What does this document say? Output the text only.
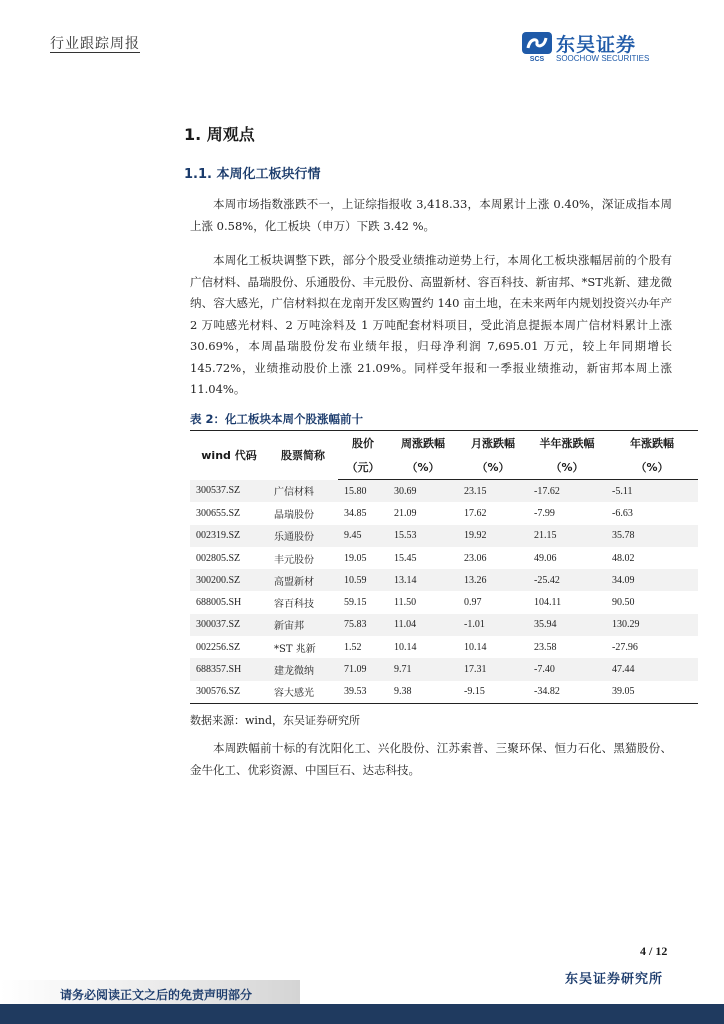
行业跟踪周报
SCS
东吴证券
SOOCHOW SECURITIES
1. 周观点
1.1. 本周化工板块行情
本周市场指数涨跌不一，上证综指报收 3,418.33，本周累计上涨 0.40%，深证成指本周上涨 0.58%，化工板块（申万）下跌 3.42 %。
本周化工板块调整下跌，部分个股受业绩推动逆势上行，本周化工板块涨幅居前的个股有广信材料、晶瑞股份、乐通股份、丰元股份、高盟新材、容百科技、新宙邦、*ST兆新、建龙微纳、容大感光，广信材料拟在龙南开发区购置约 140 亩土地，在未来两年内规划投资兴办年产 2 万吨感光材料、2 万吨涂料及 1 万吨配套材料项目，受此消息提振本周广信材料累计上涨 30.69%，本周晶瑞股份发布业绩年报，归母净利润 7,695.01 万元，较上年同期增长 145.72%，业绩推动股价上涨 21.09%。同样受年报和一季报业绩推动，新宙邦本周上涨 11.04%。
表 2：化工板块本周个股涨幅前十
wind 代码	股票简称	股价	周涨跌幅	月涨跌幅	半年涨跌幅	年涨跌幅
		（元）	（%）	（%）	（%）	（%）
300537.SZ	广信材料	15.80	30.69	23.15	-17.62	-5.11
300655.SZ	晶瑞股份	34.85	21.09	17.62	-7.99	-6.63
002319.SZ	乐通股份	9.45	15.53	19.92	21.15	35.78
002805.SZ	丰元股份	19.05	15.45	23.06	49.06	48.02
300200.SZ	高盟新材	10.59	13.14	13.26	-25.42	34.09
688005.SH	容百科技	59.15	11.50	0.97	104.11	90.50
300037.SZ	新宙邦	75.83	11.04	-1.01	35.94	130.29
002256.SZ	*ST 兆新	1.52	10.14	10.14	23.58	-27.96
688357.SH	建龙微纳	71.09	9.71	17.31	-7.40	47.44
300576.SZ	容大感光	39.53	9.38	-9.15	-34.82	39.05
数据来源：wind，东吴证券研究所
本周跌幅前十标的有沈阳化工、兴化股份、江苏索普、三聚环保、恒力石化、黑猫股份、金牛化工、优彩资源、中国巨石、达志科技。
4 / 12
东吴证券研究所
请务必阅读正文之后的免责声明部分
